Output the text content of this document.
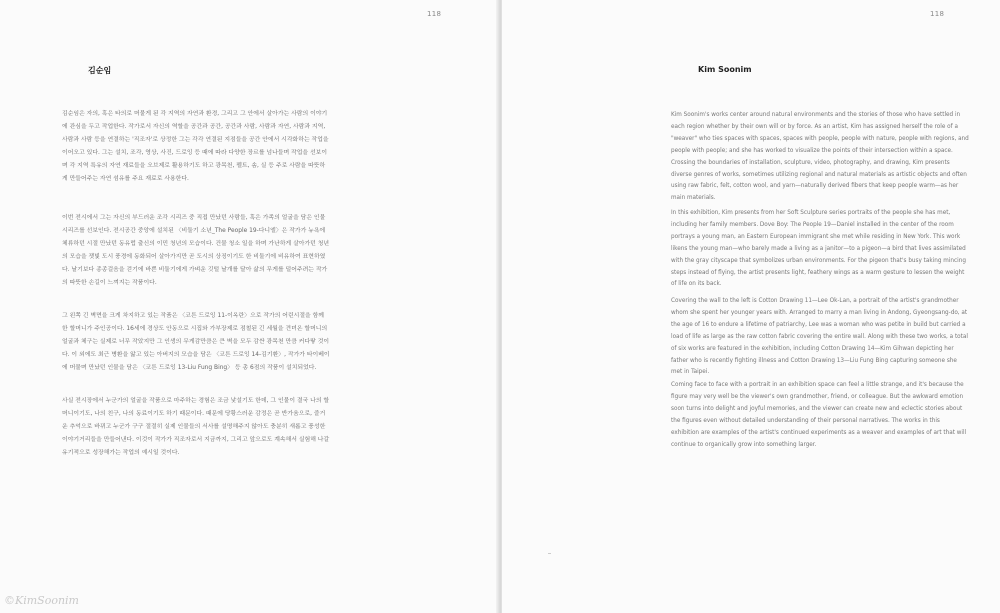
118
김순임

김순임은 자의, 혹은 타의로 머물게 된 각 지역의 자연과 환경, 그리고 그 안에서 살아가는 사람의 이야기에 관심을 두고 작업한다. 작가로서 자신의 역할을 공간과 공간, 공간과 사람, 사람과 자연, 사람과 지역, 사람과 사람 등을 연결하는 '직조자'로 상정한 그는 각각 연결된 지점들을 공간 안에서 시각화하는 작업을 이어오고 있다. 그는 설치, 조각, 영상, 사진, 드로잉 등 때에 따라 다양한 장르를 넘나들며 작업을 선보이며 각 지역 특유의 자연 재료들을 오브제로 활용하기도 하고 광목천, 펠트, 솜, 실 등 주로 사람을 따뜻하게 만들어주는 자연 섬유를 주요 재료로 사용한다.

이번 전시에서 그는 자신의 부드러운 조각 시리즈 중 직접 만났던 사람들, 혹은 가족의 얼굴을 담은 인물 시리즈를 선보인다. 전시공간 중앙에 설치된 〈비둘기 소년_The People 19-다니엘〉은 작가가 뉴욕에 체류하던 시절 만났던 동유럽 출신의 이민 청년의 모습이다. 건물 청소 일을 하며 가난하게 살아가던 청년의 모습을 잿빛 도시 풍경에 동화되어 살아가지만 곧 도시의 상징이기도 한 비둘기에 비유하여 표현하였다. 날기보다 종종걸음을 걷기에 바쁜 비둘기에게 가벼운 깃털 날개를 달아 삶의 무게를 덜어주려는 작가의 따뜻한 손길이 느껴지는 작품이다.

그 왼쪽 긴 벽면을 크게 차지하고 있는 작품은 〈코튼 드로잉 11-이옥란〉으로 작가의 어린시절을 함께 한 할머니가 주인공이다. 16세에 경상도 안동으로 시집와 가부장제로 점철된 긴 세월을 견뎌온 할머니의 얼굴과 체구는 실제로 너무 작았지만 그 인생의 무게감만큼은 큰 벽을 모두 감싼 광목천 만큼 커다랗 것이다. 이 외에도 최근 병환을 앓고 있는 아버지의 모습을 담은 〈코튼 드로잉 14-김기환〉, 작가가 타이베이에 머물며 만났던 인물을 담은 〈코튼 드로잉 13-Liu Fung Bing〉 등 총 6점의 작품이 설치되었다.

사실 전시장에서 누군가의 얼굴을 작품으로 마주하는 경험은 조금 낯설기도 한데, 그 인물이 결국 나의 할머니이기도, 나의 친구, 나의 동료이기도 하기 때문이다. 때문에 당황스러운 감정은 곧 반가움으로, 즐거운 추억으로 바뀌고 누군가 구구 절절히 실제 인물들의 서사를 설명해주지 않아도 충분히 새롭고 풍성한 이야기거리들을 만들어낸다. 이것이 작가가 직조자로서 지금까지, 그리고 앞으로도 계속해서 실험해 나갈 유기적으로 성장해가는 작업의 예시일 것이다.

118
Kim Soonim

Kim Soonim's works center around natural environments and the stories of those who have settled in each region whether by their own will or by force. As an artist, Kim has assigned herself the role of a "weaver" who ties spaces with spaces, spaces with people, people with nature, people with regions, and people with people; and she has worked to visualize the points of their intersection within a space. Crossing the boundaries of installation, sculpture, video, photography, and drawing, Kim presents diverse genres of works, sometimes utilizing regional and natural materials as artistic objects and often using raw fabric, felt, cotton wool, and yarn—naturally derived fibers that keep people warm—as her main materials.

In this exhibition, Kim presents from her Soft Sculpture series portraits of the people she has met, including her family members. Dove Boy: The People 19—Daniel installed in the center of the room portrays a young man, an Eastern European immigrant she met while residing in New York. This work likens the young man—who barely made a living as a janitor—to a pigeon—a bird that lives assimilated with the gray cityscape that symbolizes urban environments. For the pigeon that's busy taking mincing steps instead of flying, the artist presents light, feathery wings as a warm gesture to lessen the weight of life on its back.

Covering the wall to the left is Cotton Drawing 11—Lee Ok-Lan, a portrait of the artist's grandmother whom she spent her younger years with. Arranged to marry a man living in Andong, Gyeongsang-do, at the age of 16 to endure a lifetime of patriarchy, Lee was a woman who was petite in build but carried a load of life as large as the raw cotton fabric covering the entire wall. Along with these two works, a total of six works are featured in the exhibition, including Cotton Drawing 14—Kim Gihwan depicting her father who is recently fighting illness and Cotton Drawing 13—Liu Fung Bing capturing someone she met in Taipei.

Coming face to face with a portrait in an exhibition space can feel a little strange, and it's because the figure may very well be the viewer's own grandmother, friend, or colleague. But the awkward emotion soon turns into delight and joyful memories, and the viewer can create new and eclectic stories about the figures even without detailed understanding of their personal narratives. The works in this exhibition are examples of the artist's continued experiments as a weaver and examples of art that will continue to organically grow into something larger.

©KimSoonim
